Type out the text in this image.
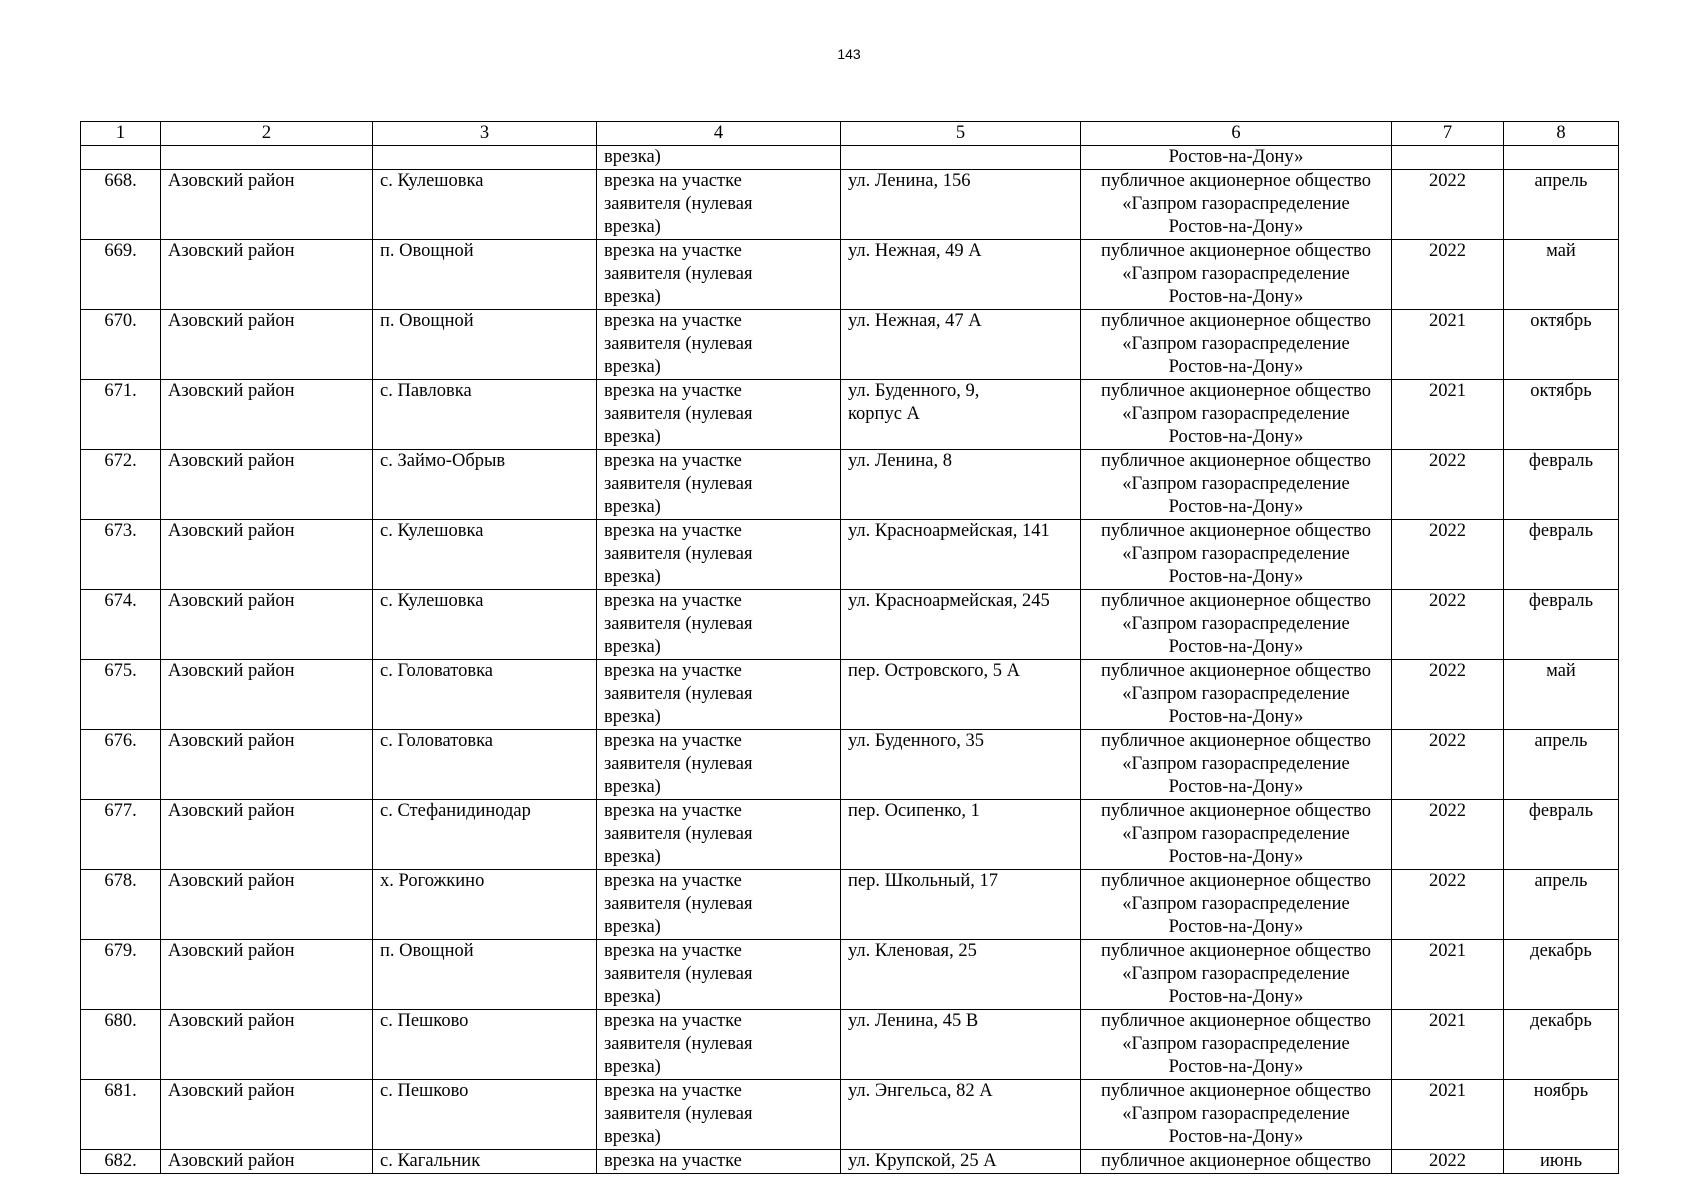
143
1	2	3	4	5	6	7	8
			врезка)		Ростов-на-Дону»		
668.	Азовский район	с. Кулешовка	врезка на участке
заявителя (нулевая
врезка)	ул. Ленина, 156	публичное акционерное общество
«Газпром газораспределение
Ростов-на-Дону»	2022	апрель
669.	Азовский район	п. Овощной	врезка на участке
заявителя (нулевая
врезка)	ул. Нежная, 49 А	публичное акционерное общество
«Газпром газораспределение
Ростов-на-Дону»	2022	май
670.	Азовский район	п. Овощной	врезка на участке
заявителя (нулевая
врезка)	ул. Нежная, 47 А	публичное акционерное общество
«Газпром газораспределение
Ростов-на-Дону»	2021	октябрь
671.	Азовский район	с. Павловка	врезка на участке
заявителя (нулевая
врезка)	ул. Буденного, 9,
корпус А	публичное акционерное общество
«Газпром газораспределение
Ростов-на-Дону»	2021	октябрь
672.	Азовский район	с. Займо-Обрыв	врезка на участке
заявителя (нулевая
врезка)	ул. Ленина, 8	публичное акционерное общество
«Газпром газораспределение
Ростов-на-Дону»	2022	февраль
673.	Азовский район	с. Кулешовка	врезка на участке
заявителя (нулевая
врезка)	ул. Красноармейская, 141	публичное акционерное общество
«Газпром газораспределение
Ростов-на-Дону»	2022	февраль
674.	Азовский район	с. Кулешовка	врезка на участке
заявителя (нулевая
врезка)	ул. Красноармейская, 245	публичное акционерное общество
«Газпром газораспределение
Ростов-на-Дону»	2022	февраль
675.	Азовский район	с. Головатовка	врезка на участке
заявителя (нулевая
врезка)	пер. Островского, 5 А	публичное акционерное общество
«Газпром газораспределение
Ростов-на-Дону»	2022	май
676.	Азовский район	с. Головатовка	врезка на участке
заявителя (нулевая
врезка)	ул. Буденного, 35	публичное акционерное общество
«Газпром газораспределение
Ростов-на-Дону»	2022	апрель
677.	Азовский район	с. Стефанидинодар	врезка на участке
заявителя (нулевая
врезка)	пер. Осипенко, 1	публичное акционерное общество
«Газпром газораспределение
Ростов-на-Дону»	2022	февраль
678.	Азовский район	х. Рогожкино	врезка на участке
заявителя (нулевая
врезка)	пер. Школьный, 17	публичное акционерное общество
«Газпром газораспределение
Ростов-на-Дону»	2022	апрель
679.	Азовский район	п. Овощной	врезка на участке
заявителя (нулевая
врезка)	ул. Кленовая, 25	публичное акционерное общество
«Газпром газораспределение
Ростов-на-Дону»	2021	декабрь
680.	Азовский район	с. Пешково	врезка на участке
заявителя (нулевая
врезка)	ул. Ленина, 45 В	публичное акционерное общество
«Газпром газораспределение
Ростов-на-Дону»	2021	декабрь
681.	Азовский район	с. Пешково	врезка на участке
заявителя (нулевая
врезка)	ул. Энгельса, 82 А	публичное акционерное общество
«Газпром газораспределение
Ростов-на-Дону»	2021	ноябрь
682.	Азовский район	с. Кагальник	врезка на участке	ул. Крупской, 25 А	публичное акционерное общество	2022	июнь
